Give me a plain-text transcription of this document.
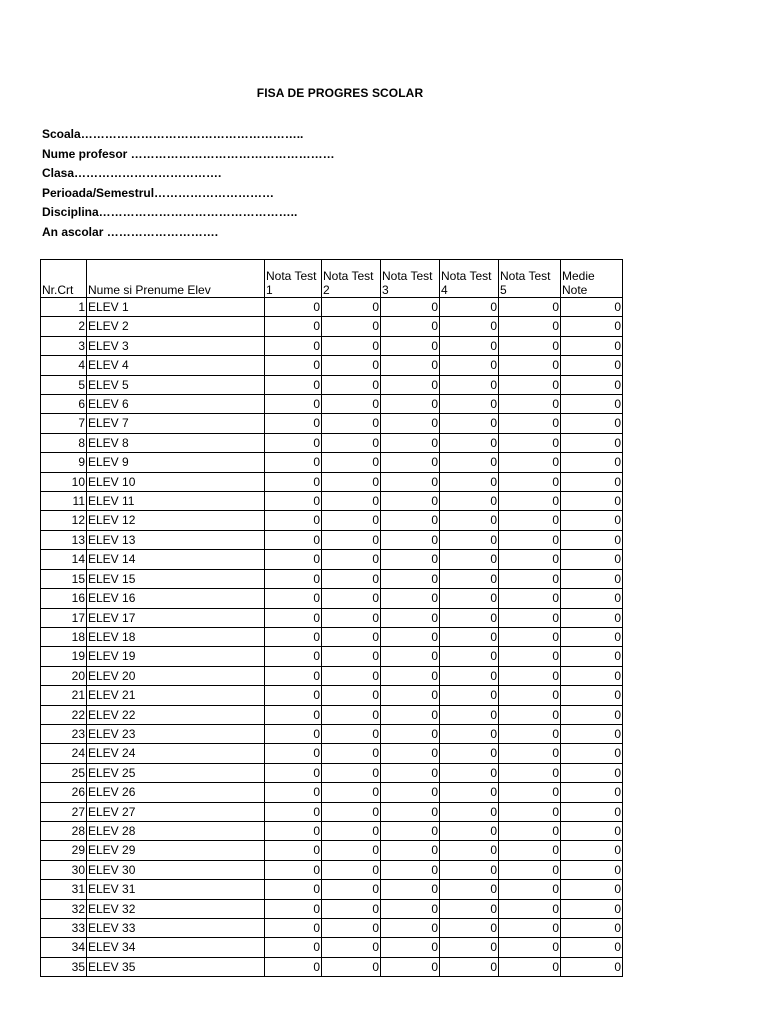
FISA DE PROGRES SCOLAR
Scoala………………………………………………..
Nume profesor ……………………………………………
Clasa……………………………….
Perioada/Semestrul…………………………
Disciplina…………………………………………..
An ascolar ……………………….
Nr.Crt	Nume si Prenume Elev	Nota Test 1	Nota Test 2	Nota Test 3	Nota Test 4	Nota Test 5	Medie Note
1	ELEV 1	0	0	0	0	0	0
2	ELEV 2	0	0	0	0	0	0
3	ELEV 3	0	0	0	0	0	0
4	ELEV 4	0	0	0	0	0	0
5	ELEV 5	0	0	0	0	0	0
6	ELEV 6	0	0	0	0	0	0
7	ELEV 7	0	0	0	0	0	0
8	ELEV 8	0	0	0	0	0	0
9	ELEV 9	0	0	0	0	0	0
10	ELEV 10	0	0	0	0	0	0
11	ELEV 11	0	0	0	0	0	0
12	ELEV 12	0	0	0	0	0	0
13	ELEV 13	0	0	0	0	0	0
14	ELEV 14	0	0	0	0	0	0
15	ELEV 15	0	0	0	0	0	0
16	ELEV 16	0	0	0	0	0	0
17	ELEV 17	0	0	0	0	0	0
18	ELEV 18	0	0	0	0	0	0
19	ELEV 19	0	0	0	0	0	0
20	ELEV 20	0	0	0	0	0	0
21	ELEV 21	0	0	0	0	0	0
22	ELEV 22	0	0	0	0	0	0
23	ELEV 23	0	0	0	0	0	0
24	ELEV 24	0	0	0	0	0	0
25	ELEV 25	0	0	0	0	0	0
26	ELEV 26	0	0	0	0	0	0
27	ELEV 27	0	0	0	0	0	0
28	ELEV 28	0	0	0	0	0	0
29	ELEV 29	0	0	0	0	0	0
30	ELEV 30	0	0	0	0	0	0
31	ELEV 31	0	0	0	0	0	0
32	ELEV 32	0	0	0	0	0	0
33	ELEV 33	0	0	0	0	0	0
34	ELEV 34	0	0	0	0	0	0
35	ELEV 35	0	0	0	0	0	0
